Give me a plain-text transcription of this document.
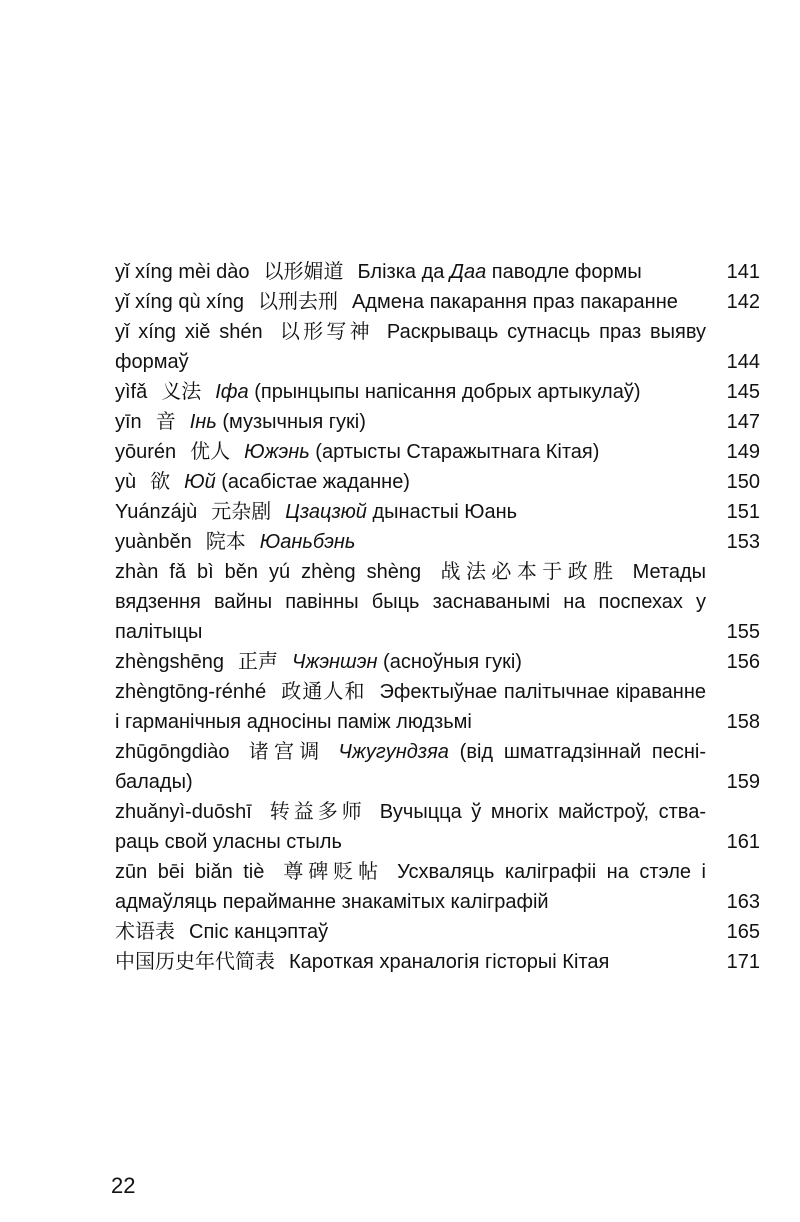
yǐ xíng mèi dào 以形媚道 Блізка да Даа паводле формы	141
yǐ xíng qù xíng 以刑去刑 Адмена пакарання праз пакаранне	142
yǐ xíng xiě shén 以形写神 Раскрываць сутнасць праз выяву формаў	144
yìfǎ 义法 Іфа (прынцыпы напісання добрых артыкулаў)	145
yīn 音 Інь (музычныя гукі)	147
yōurén 优人 Южэнь (артысты Старажытнага Кітая)	149
yù 欲 Юй (асабістае жаданне)	150
Yuánzájù 元杂剧 Цзацзюй дынастыі Юань	151
yuànběn 院本 Юаньбэнь	153
zhàn fǎ bì běn yú zhèng shèng 战法必本于政胜 Метады вядзення вайны павінны быць заснаванымі на поспехах у палітыцы	155
zhèngshēng 正声 Чжэншэн (асноўныя гукі)	156
zhèngtōng-rénhé 政通人和 Эфектыўнае палітычнае кіраванне і гарманічныя адносіны паміж людзьмі	158
zhūgōngdiào 诸宫调 Чжугундзяа (від шматгадзіннай песні-балады)	159
zhuǎnyì-duōshī 转益多师 Вучыцца ў многіх майстроў, ствараць свой уласны стыль	161
zūn bēi biǎn tiè 尊碑贬帖 Усхваляць каліграфіі на стэле і адмаўляць перайманне знакамітых каліграфій	163
术语表 Спіс канцэптаў	165
中国历史年代简表 Кароткая храналогія гісторыі Кітая	171
22
